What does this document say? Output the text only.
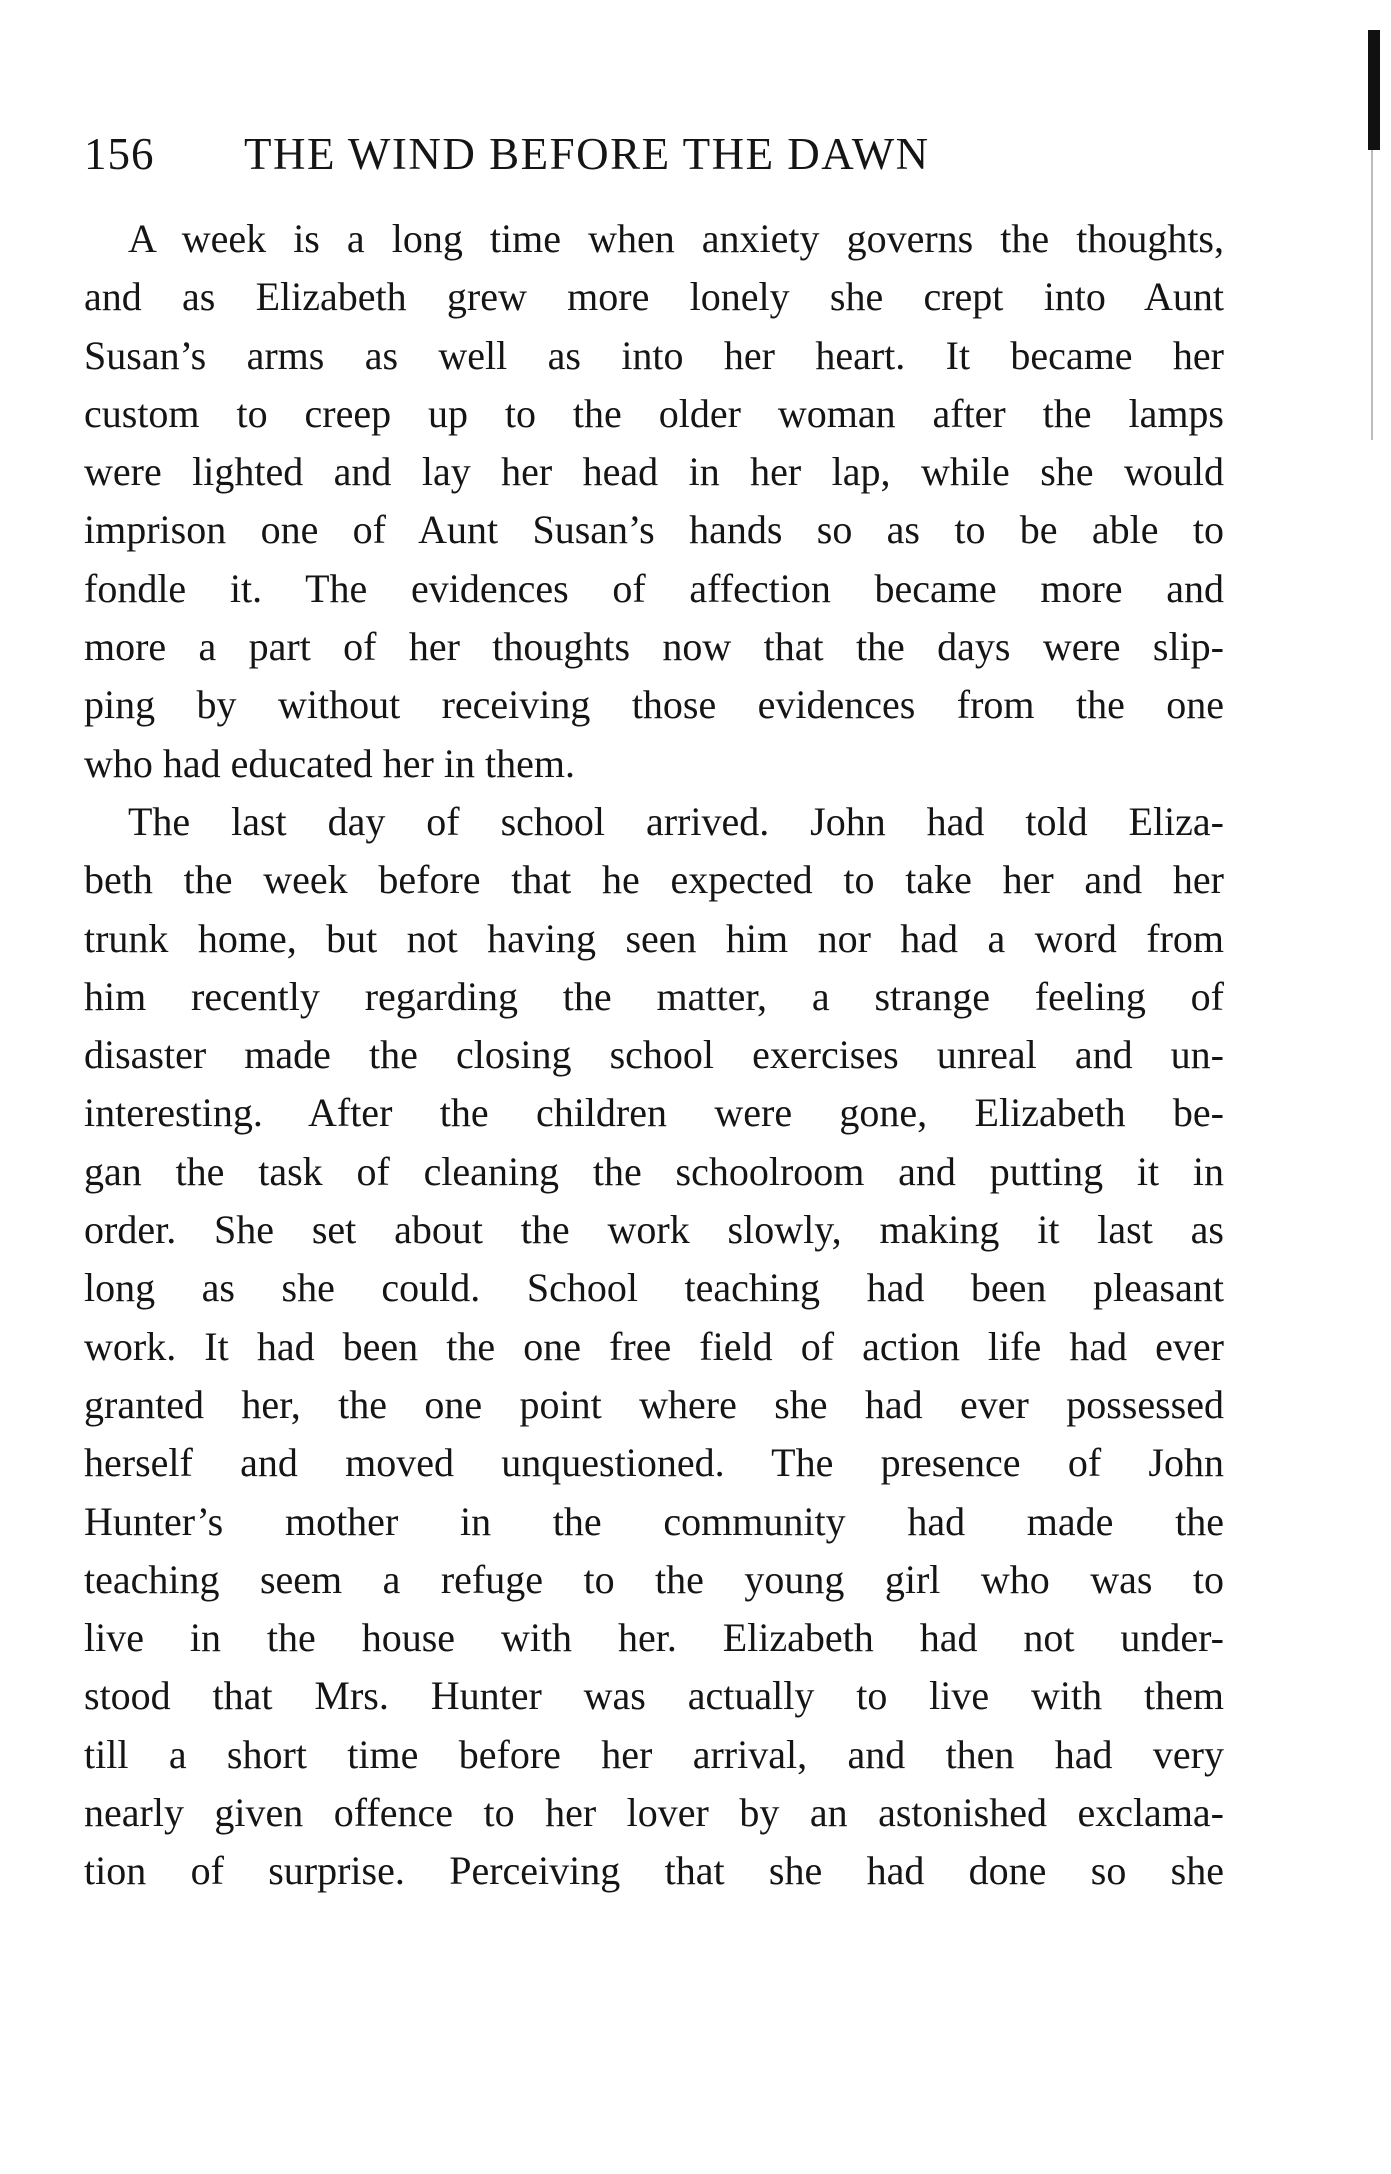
156 THE WIND BEFORE THE DAWN
A week is a long time when anxiety governs the thoughts,
and as Elizabeth grew more lonely she crept into Aunt
Susan’s arms as well as into her heart. It became her
custom to creep up to the older woman after the lamps
were lighted and lay her head in her lap, while she would
imprison one of Aunt Susan’s hands so as to be able to
fondle it. The evidences of affection became more and
more a part of her thoughts now that the days were slip-
ping by without receiving those evidences from the one
who had educated her in them.
The last day of school arrived. John had told Eliza-
beth the week before that he expected to take her and her
trunk home, but not having seen him nor had a word from
him recently regarding the matter, a strange feeling of
disaster made the closing school exercises unreal and un-
interesting. After the children were gone, Elizabeth be-
gan the task of cleaning the schoolroom and putting it in
order. She set about the work slowly, making it last as
long as she could. School teaching had been pleasant
work. It had been the one free field of action life had ever
granted her, the one point where she had ever possessed
herself and moved unquestioned. The presence of John
Hunter’s mother in the community had made the
teaching seem a refuge to the young girl who was to
live in the house with her. Elizabeth had not under-
stood that Mrs. Hunter was actually to live with them
till a short time before her arrival, and then had very
nearly given offence to her lover by an astonished exclama-
tion of surprise. Perceiving that she had done so she
